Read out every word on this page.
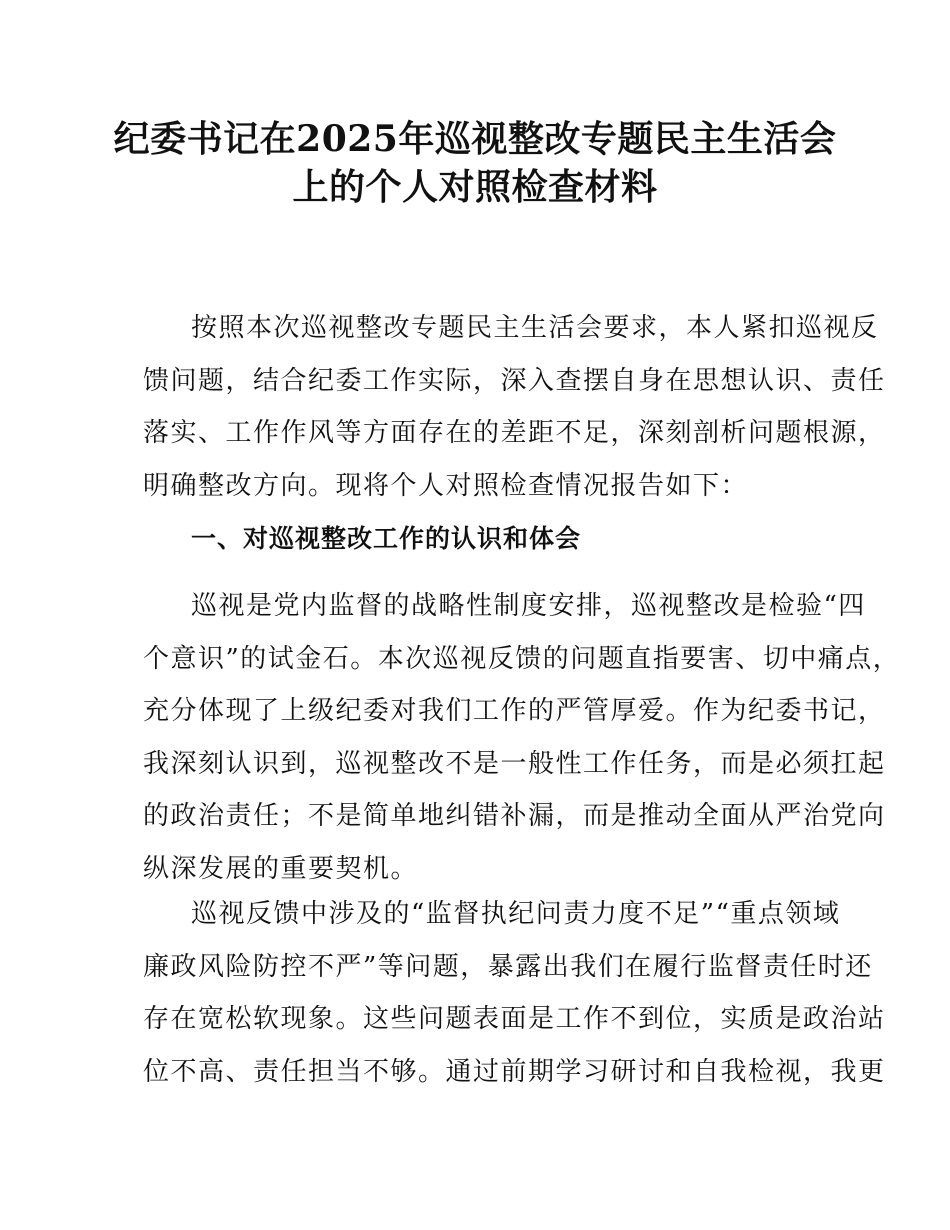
纪委书记在2025年巡视整改专题民主生活会
上的个人对照检查材料

按照本次巡视整改专题民主生活会要求，本人紧扣巡视反
馈问题，结合纪委工作实际，深入查摆自身在思想认识、责任
落实、工作作风等方面存在的差距不足，深刻剖析问题根源，
明确整改方向。现将个人对照检查情况报告如下：

一、对巡视整改工作的认识和体会

巡视是党内监督的战略性制度安排，巡视整改是检验“四
个意识”的试金石。本次巡视反馈的问题直指要害、切中痛点，
充分体现了上级纪委对我们工作的严管厚爱。作为纪委书记，
我深刻认识到，巡视整改不是一般性工作任务，而是必须扛起
的政治责任；不是简单地纠错补漏，而是推动全面从严治党向
纵深发展的重要契机。

巡视反馈中涉及的“监督执纪问责力度不足”“重点领域
廉政风险防控不严”等问题，暴露出我们在履行监督责任时还
存在宽松软现象。这些问题表面是工作不到位，实质是政治站
位不高、责任担当不够。通过前期学习研讨和自我检视，我更
